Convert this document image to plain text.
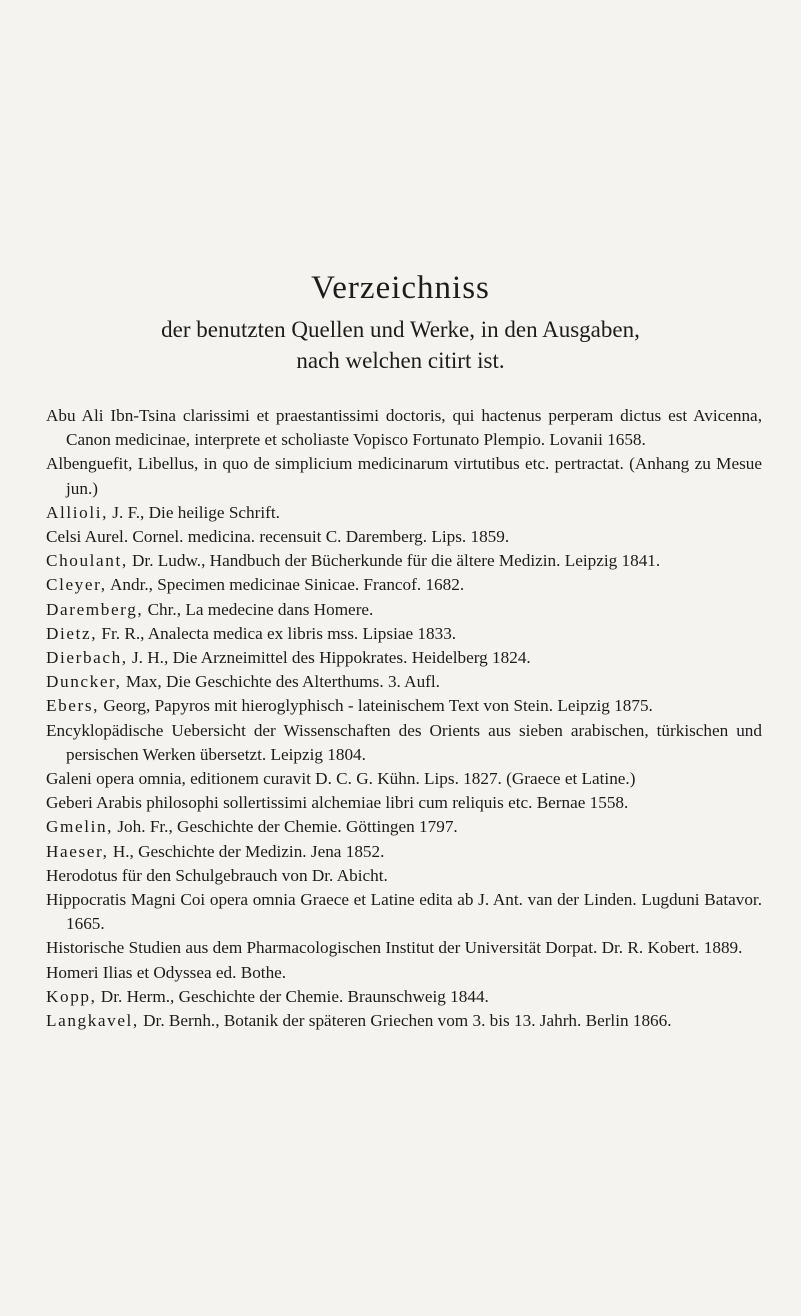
Verzeichniss
der benutzten Quellen und Werke, in den Ausgaben,
nach welchen citirt ist.

Abu Ali Ibn-Tsina clarissimi et praestantissimi doctoris, qui hactenus perperam dictus est Avicenna, Canon medicinae, interprete et scholiaste Vopisco Fortunato Plempio. Lovanii 1658.

Albenguefit, Libellus, in quo de simplicium medicinarum virtutibus etc. pertractat. (Anhang zu Mesue jun.)

Allioli, J. F., Die heilige Schrift.

Celsi Aurel. Cornel. medicina. recensuit C. Daremberg. Lips. 1859.

Choulant, Dr. Ludw., Handbuch der Bücherkunde für die ältere Medizin. Leipzig 1841.

Cleyer, Andr., Specimen medicinae Sinicae. Francof. 1682.

Daremberg, Chr., La medecine dans Homere.

Dietz, Fr. R., Analecta medica ex libris mss. Lipsiae 1833.

Dierbach, J. H., Die Arzneimittel des Hippokrates. Heidelberg 1824.

Duncker, Max, Die Geschichte des Alterthums. 3. Aufl.

Ebers, Georg, Papyros mit hieroglyphisch - lateinischem Text von Stein. Leipzig 1875.

Encyklopädische Uebersicht der Wissenschaften des Orients aus sieben arabischen, türkischen und persischen Werken übersetzt. Leipzig 1804.

Galeni opera omnia, editionem curavit D. C. G. Kühn. Lips. 1827. (Graece et Latine.)

Geberi Arabis philosophi sollertissimi alchemiae libri cum reliquis etc. Bernae 1558.

Gmelin, Joh. Fr., Geschichte der Chemie. Göttingen 1797.

Haeser, H., Geschichte der Medizin. Jena 1852.

Herodotus für den Schulgebrauch von Dr. Abicht.

Hippocratis Magni Coi opera omnia Graece et Latine edita ab J. Ant. van der Linden. Lugduni Batavor. 1665.

Historische Studien aus dem Pharmacologischen Institut der Universität Dorpat. Dr. R. Kobert. 1889.

Homeri Ilias et Odyssea ed. Bothe.

Kopp, Dr. Herm., Geschichte der Chemie. Braunschweig 1844.

Langkavel, Dr. Bernh., Botanik der späteren Griechen vom 3. bis 13. Jahrh. Berlin 1866.
